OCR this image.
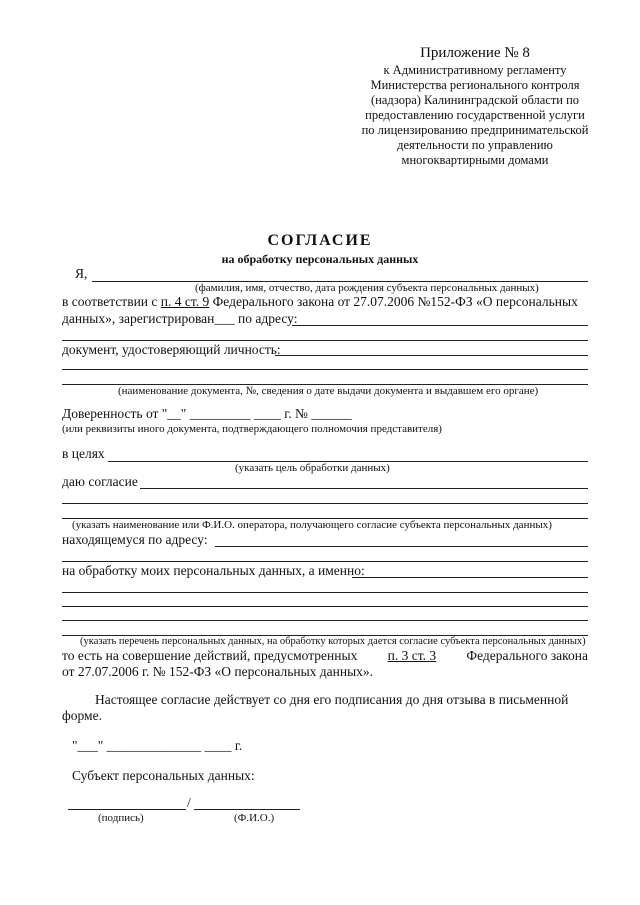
Приложение № 8
к Административному регламенту
Министерства регионального контроля
(надзора) Калининградской области по
предоставлению государственной услуги
по лицензированию предпринимательской
деятельности по управлению
многоквартирными домами
СОГЛАСИЕ
на обработку персональных данных
Я,
(фамилия, имя, отчество, дата рождения субъекта персональных данных)
в соответствии с п. 4 ст. 9 Федерального закона от 27.07.2006 №152-ФЗ «О персональных
данных», зарегистрирован___ по адресу:
документ, удостоверяющий личность:
(наименование документа, №, сведения о дате выдачи документа и выдавшем его органе)
Доверенность от "__" _________ ____ г. № ______
(или реквизиты иного документа, подтверждающего полномочия представителя)
в целях
(указать цель обработки данных)
даю согласие
(указать наименование или Ф.И.О. оператора, получающего согласие субъекта персональных данных)
находящемуся по адресу:
на обработку моих персональных данных, а именно:
(указать перечень персональных данных, на обработку которых дается согласие субъекта персональных данных)
то есть на совершение действий, предусмотренных п. 3 ст. 3 Федерального закона
от 27.07.2006 г. № 152-ФЗ «О персональных данных».
Настоящее согласие действует со дня его подписания до дня отзыва в письменной
форме.
"___" ______________ ____ г.
Субъект персональных данных:
/
(подпись)	(Ф.И.О.)
